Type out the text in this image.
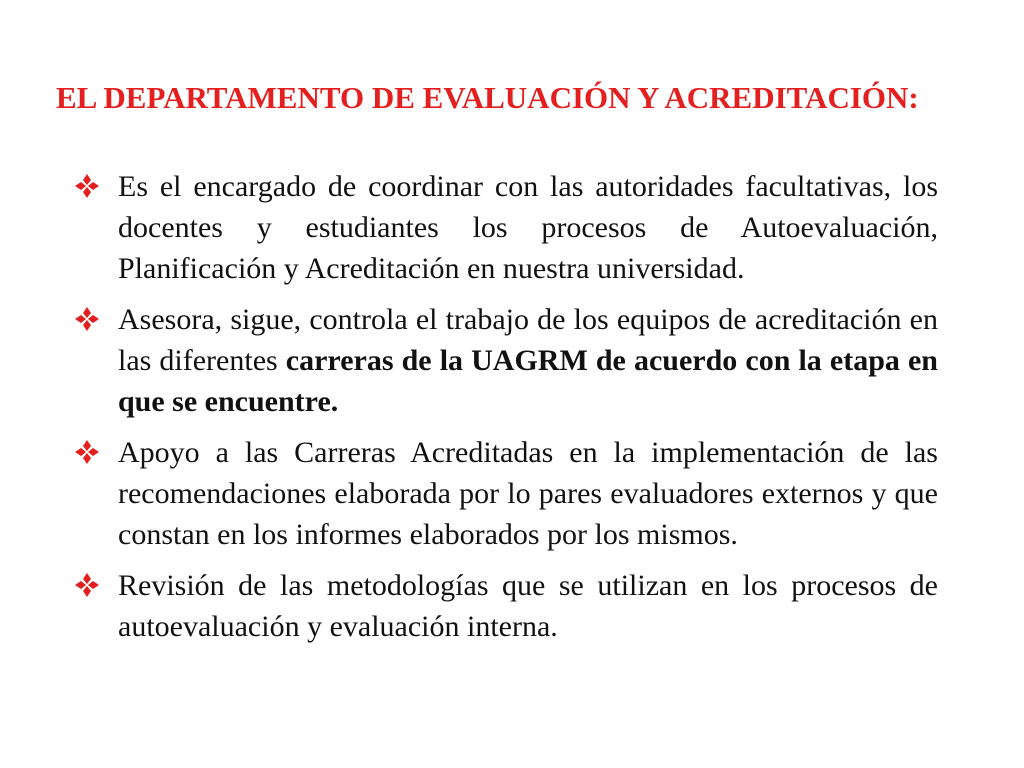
EL DEPARTAMENTO DE EVALUACIÓN Y ACREDITACIÓN:
Es el encargado de coordinar con las autoridades facultativas, los docentes y estudiantes los procesos de Autoevaluación, Planificación y Acreditación en nuestra universidad.
Asesora, sigue, controla el trabajo de los equipos de acreditación en las diferentes carreras de la UAGRM de acuerdo con la etapa en que se encuentre.
Apoyo a las Carreras Acreditadas en la implementación de las recomendaciones elaborada por lo pares evaluadores externos y que constan en los informes elaborados por los mismos.
Revisión de las metodologías que se utilizan en los procesos de autoevaluación y evaluación interna.
